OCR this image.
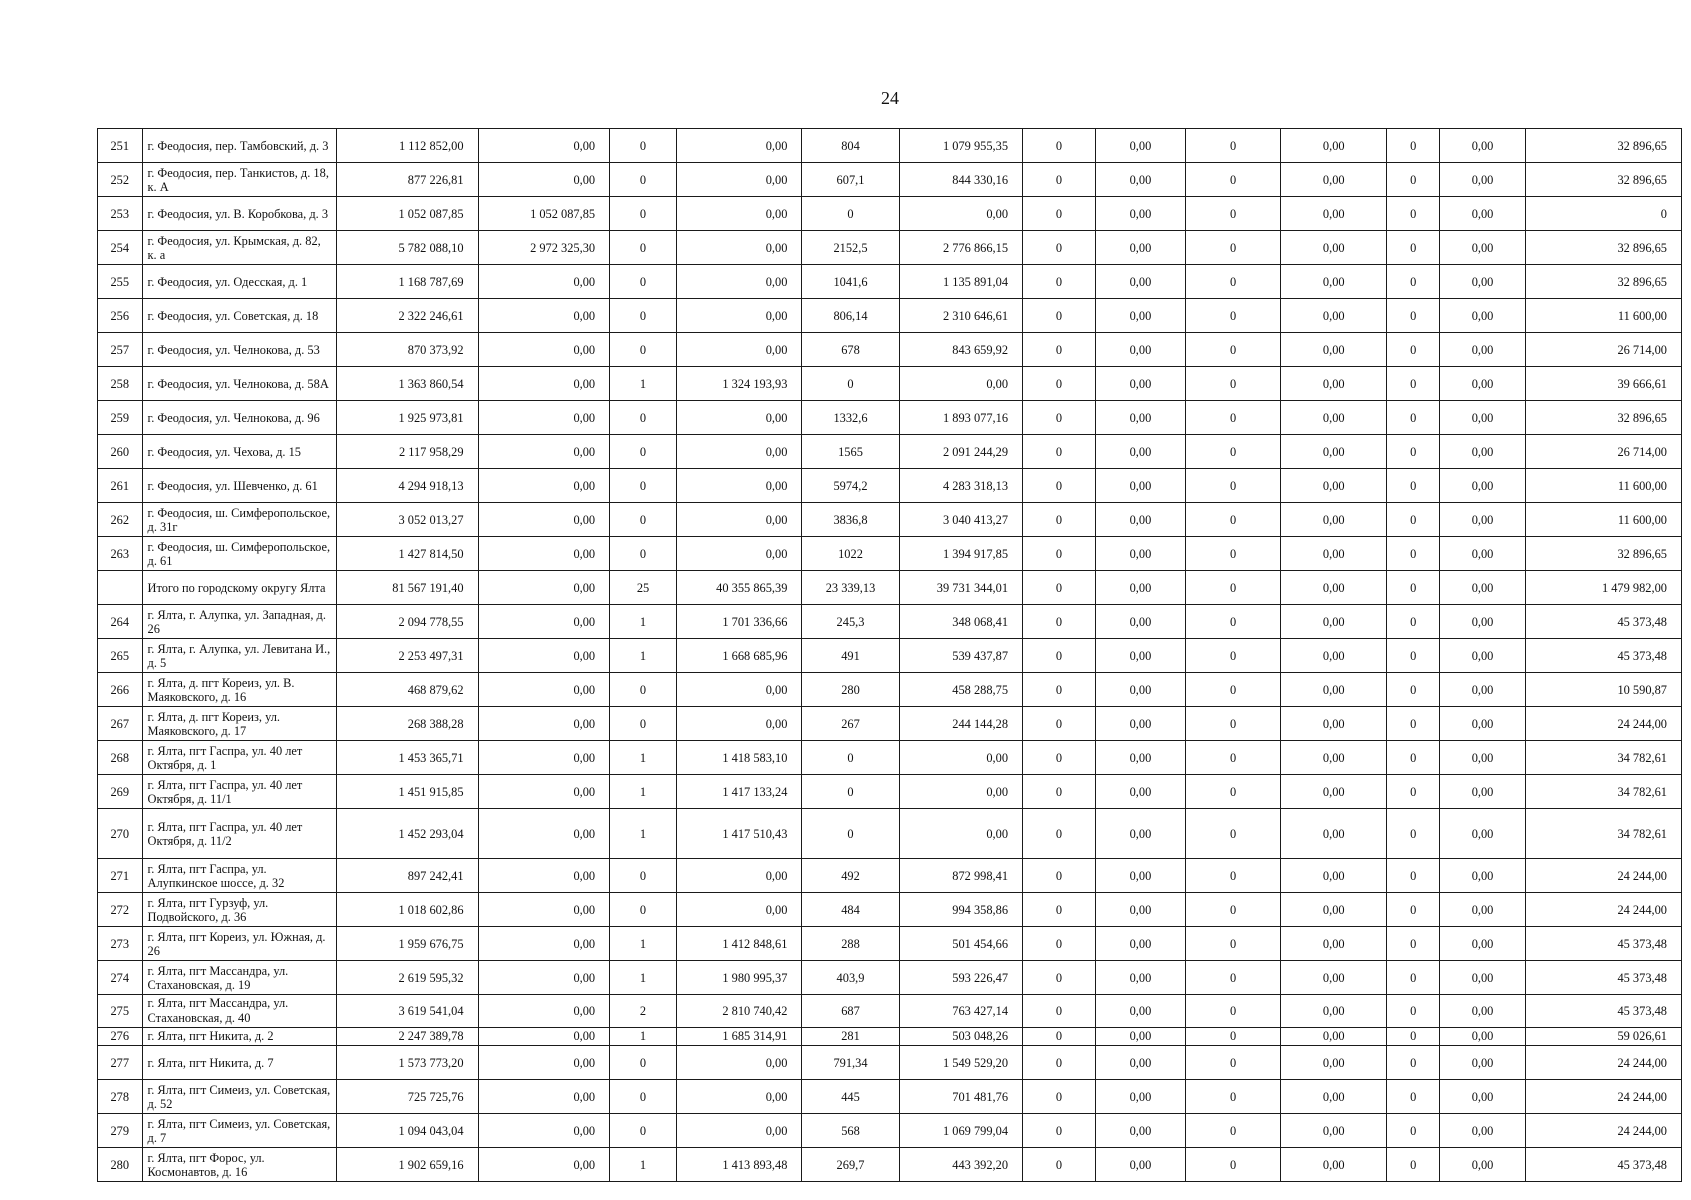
24
251	г. Феодосия, пер. Тамбовский, д. 3	1 112 852,00	0,00	0	0,00	804	1 079 955,35	0	0,00	0	0,00	0	0,00	32 896,65
252	г. Феодосия, пер. Танкистов, д. 18, к. А	877 226,81	0,00	0	0,00	607,1	844 330,16	0	0,00	0	0,00	0	0,00	32 896,65
253	г. Феодосия, ул. В. Коробкова, д. 3	1 052 087,85	1 052 087,85	0	0,00	0	0,00	0	0,00	0	0,00	0	0,00	0
254	г. Феодосия, ул. Крымская, д. 82, к. а	5 782 088,10	2 972 325,30	0	0,00	2152,5	2 776 866,15	0	0,00	0	0,00	0	0,00	32 896,65
255	г. Феодосия, ул. Одесская, д. 1	1 168 787,69	0,00	0	0,00	1041,6	1 135 891,04	0	0,00	0	0,00	0	0,00	32 896,65
256	г. Феодосия, ул. Советская, д. 18	2 322 246,61	0,00	0	0,00	806,14	2 310 646,61	0	0,00	0	0,00	0	0,00	11 600,00
257	г. Феодосия, ул. Челнокова, д. 53	870 373,92	0,00	0	0,00	678	843 659,92	0	0,00	0	0,00	0	0,00	26 714,00
258	г. Феодосия, ул. Челнокова, д. 58А	1 363 860,54	0,00	1	1 324 193,93	0	0,00	0	0,00	0	0,00	0	0,00	39 666,61
259	г. Феодосия, ул. Челнокова, д. 96	1 925 973,81	0,00	0	0,00	1332,6	1 893 077,16	0	0,00	0	0,00	0	0,00	32 896,65
260	г. Феодосия, ул. Чехова, д. 15	2 117 958,29	0,00	0	0,00	1565	2 091 244,29	0	0,00	0	0,00	0	0,00	26 714,00
261	г. Феодосия, ул. Шевченко, д. 61	4 294 918,13	0,00	0	0,00	5974,2	4 283 318,13	0	0,00	0	0,00	0	0,00	11 600,00
262	г. Феодосия, ш. Симферопольское, д. 31г	3 052 013,27	0,00	0	0,00	3836,8	3 040 413,27	0	0,00	0	0,00	0	0,00	11 600,00
263	г. Феодосия, ш. Симферопольское, д. 61	1 427 814,50	0,00	0	0,00	1022	1 394 917,85	0	0,00	0	0,00	0	0,00	32 896,65
	Итого по городскому округу Ялта	81 567 191,40	0,00	25	40 355 865,39	23 339,13	39 731 344,01	0	0,00	0	0,00	0	0,00	1 479 982,00
264	г. Ялта, г. Алупка, ул. Западная, д. 26	2 094 778,55	0,00	1	1 701 336,66	245,3	348 068,41	0	0,00	0	0,00	0	0,00	45 373,48
265	г. Ялта, г. Алупка, ул. Левитана И., д. 5	2 253 497,31	0,00	1	1 668 685,96	491	539 437,87	0	0,00	0	0,00	0	0,00	45 373,48
266	г. Ялта, д. пгт Кореиз, ул. В. Маяковского, д. 16	468 879,62	0,00	0	0,00	280	458 288,75	0	0,00	0	0,00	0	0,00	10 590,87
267	г. Ялта, д. пгт Кореиз, ул. Маяковского, д. 17	268 388,28	0,00	0	0,00	267	244 144,28	0	0,00	0	0,00	0	0,00	24 244,00
268	г. Ялта, пгт Гаспра, ул. 40 лет Октября, д. 1	1 453 365,71	0,00	1	1 418 583,10	0	0,00	0	0,00	0	0,00	0	0,00	34 782,61
269	г. Ялта, пгт Гаспра, ул. 40 лет Октября, д. 11/1	1 451 915,85	0,00	1	1 417 133,24	0	0,00	0	0,00	0	0,00	0	0,00	34 782,61
270	г. Ялта, пгт Гаспра, ул. 40 лет Октября, д. 11/2	1 452 293,04	0,00	1	1 417 510,43	0	0,00	0	0,00	0	0,00	0	0,00	34 782,61
271	г. Ялта, пгт Гаспра, ул. Алупкинское шоссе, д. 32	897 242,41	0,00	0	0,00	492	872 998,41	0	0,00	0	0,00	0	0,00	24 244,00
272	г. Ялта, пгт Гурзуф, ул. Подвойского, д. 36	1 018 602,86	0,00	0	0,00	484	994 358,86	0	0,00	0	0,00	0	0,00	24 244,00
273	г. Ялта, пгт Кореиз, ул. Южная, д. 26	1 959 676,75	0,00	1	1 412 848,61	288	501 454,66	0	0,00	0	0,00	0	0,00	45 373,48
274	г. Ялта, пгт Массандра, ул. Стахановская, д. 19	2 619 595,32	0,00	1	1 980 995,37	403,9	593 226,47	0	0,00	0	0,00	0	0,00	45 373,48
275	г. Ялта, пгт Массандра, ул. Стахановская, д. 40	3 619 541,04	0,00	2	2 810 740,42	687	763 427,14	0	0,00	0	0,00	0	0,00	45 373,48
276	г. Ялта, пгт Никита, д. 2	2 247 389,78	0,00	1	1 685 314,91	281	503 048,26	0	0,00	0	0,00	0	0,00	59 026,61
277	г. Ялта, пгт Никита, д. 7	1 573 773,20	0,00	0	0,00	791,34	1 549 529,20	0	0,00	0	0,00	0	0,00	24 244,00
278	г. Ялта, пгт Симеиз, ул. Советская, д. 52	725 725,76	0,00	0	0,00	445	701 481,76	0	0,00	0	0,00	0	0,00	24 244,00
279	г. Ялта, пгт Симеиз, ул. Советская, д. 7	1 094 043,04	0,00	0	0,00	568	1 069 799,04	0	0,00	0	0,00	0	0,00	24 244,00
280	г. Ялта, пгт Форос, ул. Космонавтов, д. 16	1 902 659,16	0,00	1	1 413 893,48	269,7	443 392,20	0	0,00	0	0,00	0	0,00	45 373,48
